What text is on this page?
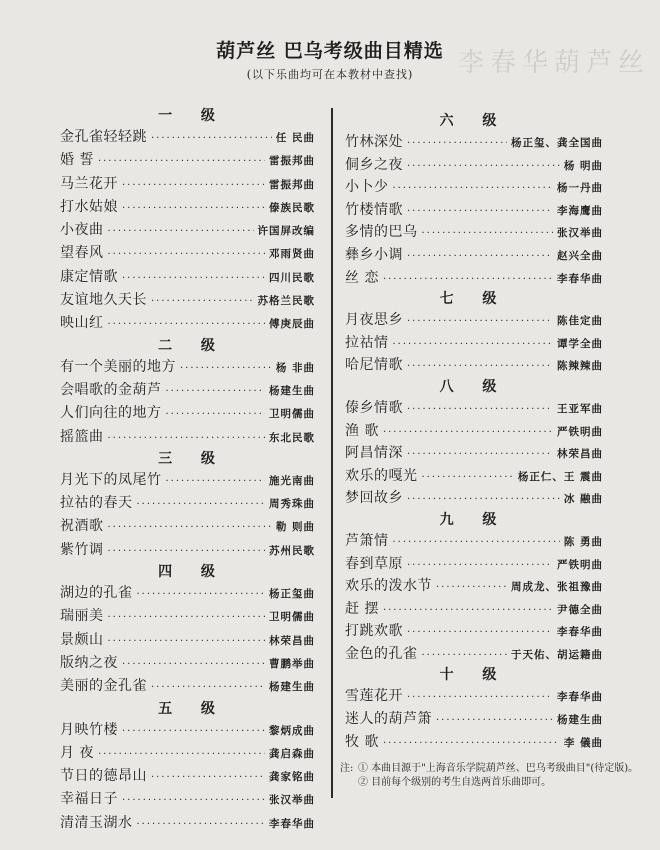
李春华葫芦丝
葫芦丝 巴乌考级曲目精选
(以下乐曲均可在本教材中查找)
一 级
金孔雀轻轻跳 ·····	任 民曲
婚 誓 ·····	雷振邦曲
马兰花开 ·····	雷振邦曲
打水姑娘 ·····	傣族民歌
小夜曲 ·····	许国屏改编
望春风 ·····	邓雨贤曲
康定情歌 ·····	四川民歌
友谊地久天长 ·····	苏格兰民歌
映山红 ·····	傅庚辰曲
二 级
有一个美丽的地方 ·····	杨 非曲
会唱歌的金葫芦 ·····	杨建生曲
人们向往的地方 ·····	卫明儒曲
摇篮曲 ·····	东北民歌
三 级
月光下的凤尾竹 ·····	施光南曲
拉祜的春天 ·····	周秀珠曲
祝酒歌 ·····	勒 则曲
紫竹调 ·····	苏州民歌
四 级
湖边的孔雀 ·····	杨正玺曲
瑞丽美 ·····	卫明儒曲
景颇山 ·····	林荣昌曲
版纳之夜 ·····	曹鹏举曲
美丽的金孔雀 ·····	杨建生曲
五 级
月映竹楼 ·····	黎炳成曲
月 夜 ·····	龚启森曲
节日的德昂山 ·····	龚家铭曲
幸福日子 ·····	张汉举曲
清清玉湖水 ·····	李春华曲
六 级
竹林深处 ·····	杨正玺、龚全国曲
侗乡之夜 ·····	杨 明曲
小卜少 ·····	杨一丹曲
竹楼情歌 ·····	李海鹰曲
多情的巴乌 ·····	张汉举曲
彝乡小调 ·····	赵兴全曲
丝 恋 ·····	李春华曲
七 级
月夜思乡 ·····	陈佳定曲
拉祜情 ·····	谭学全曲
哈尼情歌 ·····	陈辣辣曲
八 级
傣乡情歌 ·····	王亚军曲
渔 歌 ·····	严铁明曲
阿昌情深 ·····	林荣昌曲
欢乐的嘎光 ·····	杨正仁、王 震曲
梦回故乡 ·····	冰 融曲
九 级
芦箫情 ·····	陈 勇曲
春到草原 ·····	严铁明曲
欢乐的泼水节 ·····	周成龙、张祖豫曲
赶 摆 ·····	尹德全曲
打跳欢歌 ·····	李春华曲
金色的孔雀 ·····	于天佑、胡运籍曲
十 级
雪莲花开 ·····	李春华曲
迷人的葫芦箫 ·····	杨建生曲
牧 歌 ·····	李 儀曲
注: ① 本曲目源于"上海音乐学院葫芦丝、巴乌考级曲目"(待定版)。
② 目前每个级别的考生自选两首乐曲即可。
